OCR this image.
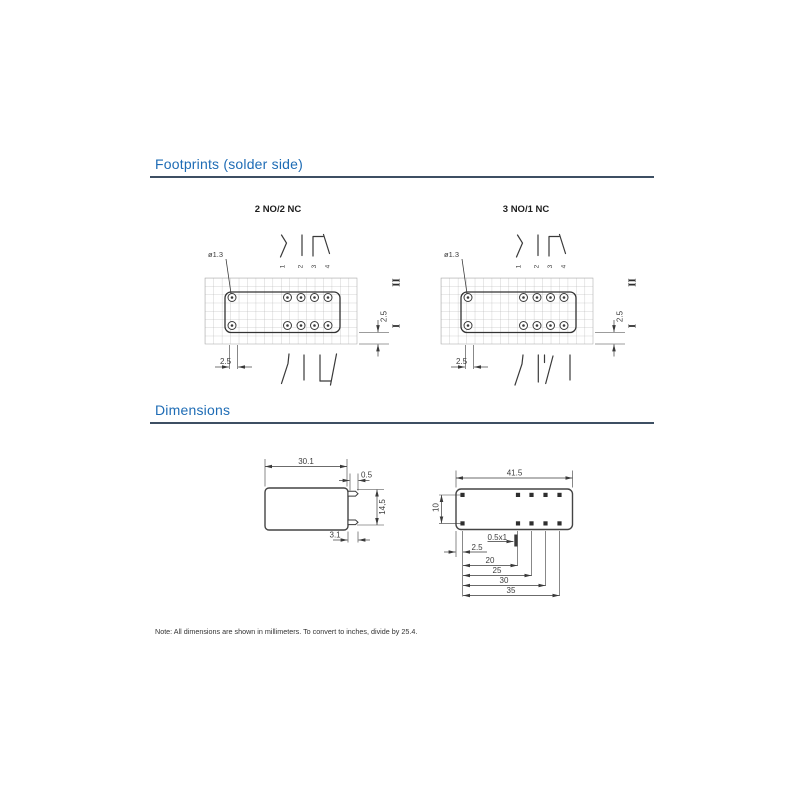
Footprints (solder side)
2 NO/2 NC	3 NO/1 NC
ø1.3
1 2 3 4
2.5
2.5
II
I
ø1.3
1 2 3 4
2.5
2.5
II
I
30.1
0.5
14,5
3.1
41.5
10
0.5x1
2.5
20
25
30
35
Dimensions
Note: All dimensions are shown in millimeters. To convert to inches, divide by 25.4.
